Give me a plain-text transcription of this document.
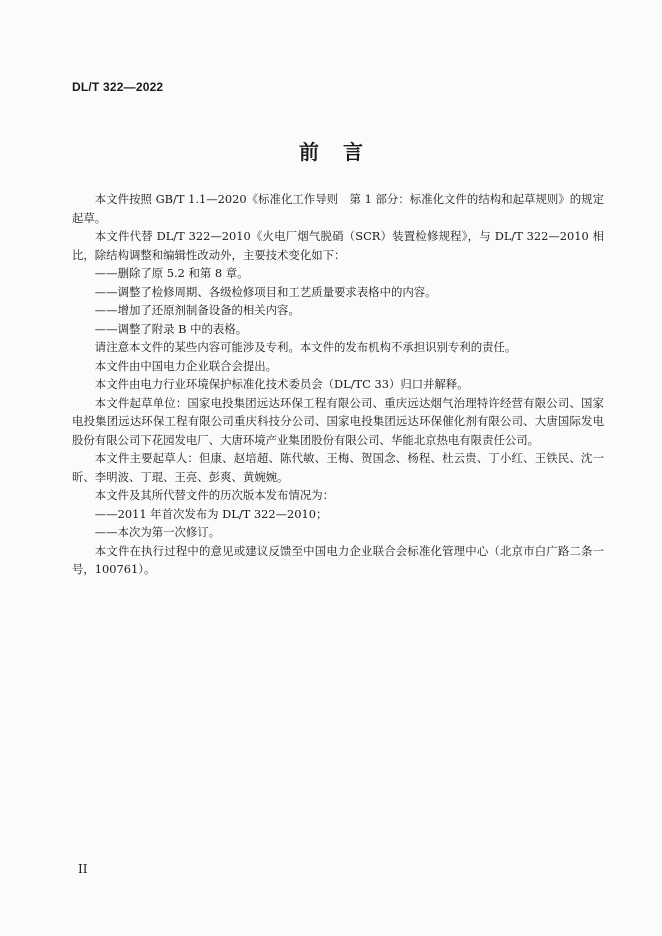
DL/T 322—2022
前言

本文件按照 GB/T 1.1—2020《标准化工作导则　第 1 部分：标准化文件的结构和起草规则》的规定起草。

本文件代替 DL/T 322—2010《火电厂烟气脱硝（SCR）装置检修规程》，与 DL/T 322—2010 相比，除结构调整和编辑性改动外，主要技术变化如下：

——删除了原 5.2 和第 8 章。

——调整了检修周期、各级检修项目和工艺质量要求表格中的内容。

——增加了还原剂制备设备的相关内容。

——调整了附录 B 中的表格。

请注意本文件的某些内容可能涉及专利。本文件的发布机构不承担识别专利的责任。

本文件由中国电力企业联合会提出。

本文件由电力行业环境保护标准化技术委员会（DL/TC 33）归口并解释。

本文件起草单位：国家电投集团远达环保工程有限公司、重庆远达烟气治理特许经营有限公司、国家电投集团远达环保工程有限公司重庆科技分公司、国家电投集团远达环保催化剂有限公司、大唐国际发电股份有限公司下花园发电厂、大唐环境产业集团股份有限公司、华能北京热电有限责任公司。

本文件主要起草人：但康、赵培超、陈代敏、王梅、贺国念、杨程、杜云贵、丁小红、王铁民、沈一昕、李明波、丁琨、王亮、彭爽、黄婉婉。

本文件及其所代替文件的历次版本发布情况为：

——2011 年首次发布为 DL/T 322—2010；

——本次为第一次修订。

本文件在执行过程中的意见或建议反馈至中国电力企业联合会标准化管理中心（北京市白广路二条一号，100761）。

II
